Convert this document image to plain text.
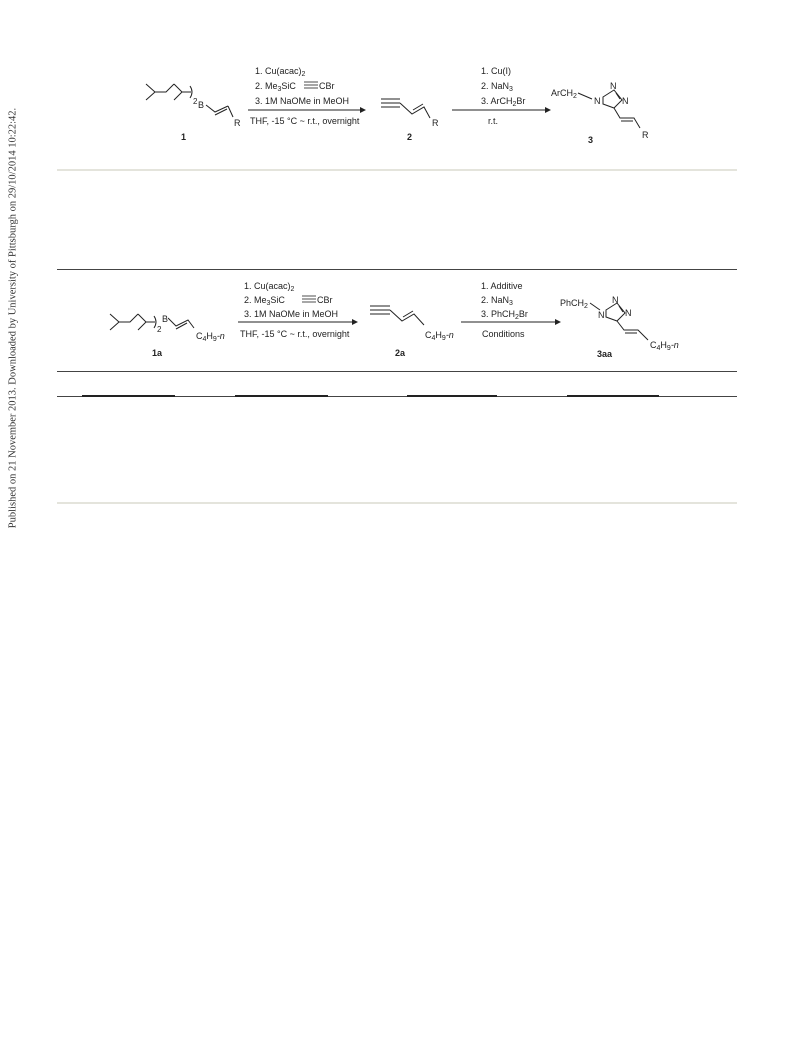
Published on 21 November 2013. Downloaded by University of Pittsburgh on 29/10/2014 10:22:42.
2 B
R
1
1. $Cu(acac)_2$
2. $Me_3SiC$	CBr
3. 1M NaOMe in MeOH
THF, -15 °C ~ r.t., overnight	R
2
1. Cu(I)
2. NaN$_3$
3. ArCH$_2$Br
r.t.
ArCH$_2$ N
N
N
R
3
2
B
$C_4H_9-n$
1a
1. $Cu(acac)_2$
2. $Me_3SiC$	CBr
3. 1M NaOMe in MeOH
THF, -15 °C ~ r.t., overnight	$C_4H_9-n$
2a
1. Additive
2. NaN$_3$
3. PhCH$_2$Br
Conditions
PhCH$_2$
N
N
N
$C_4H_9-n$
3aa
